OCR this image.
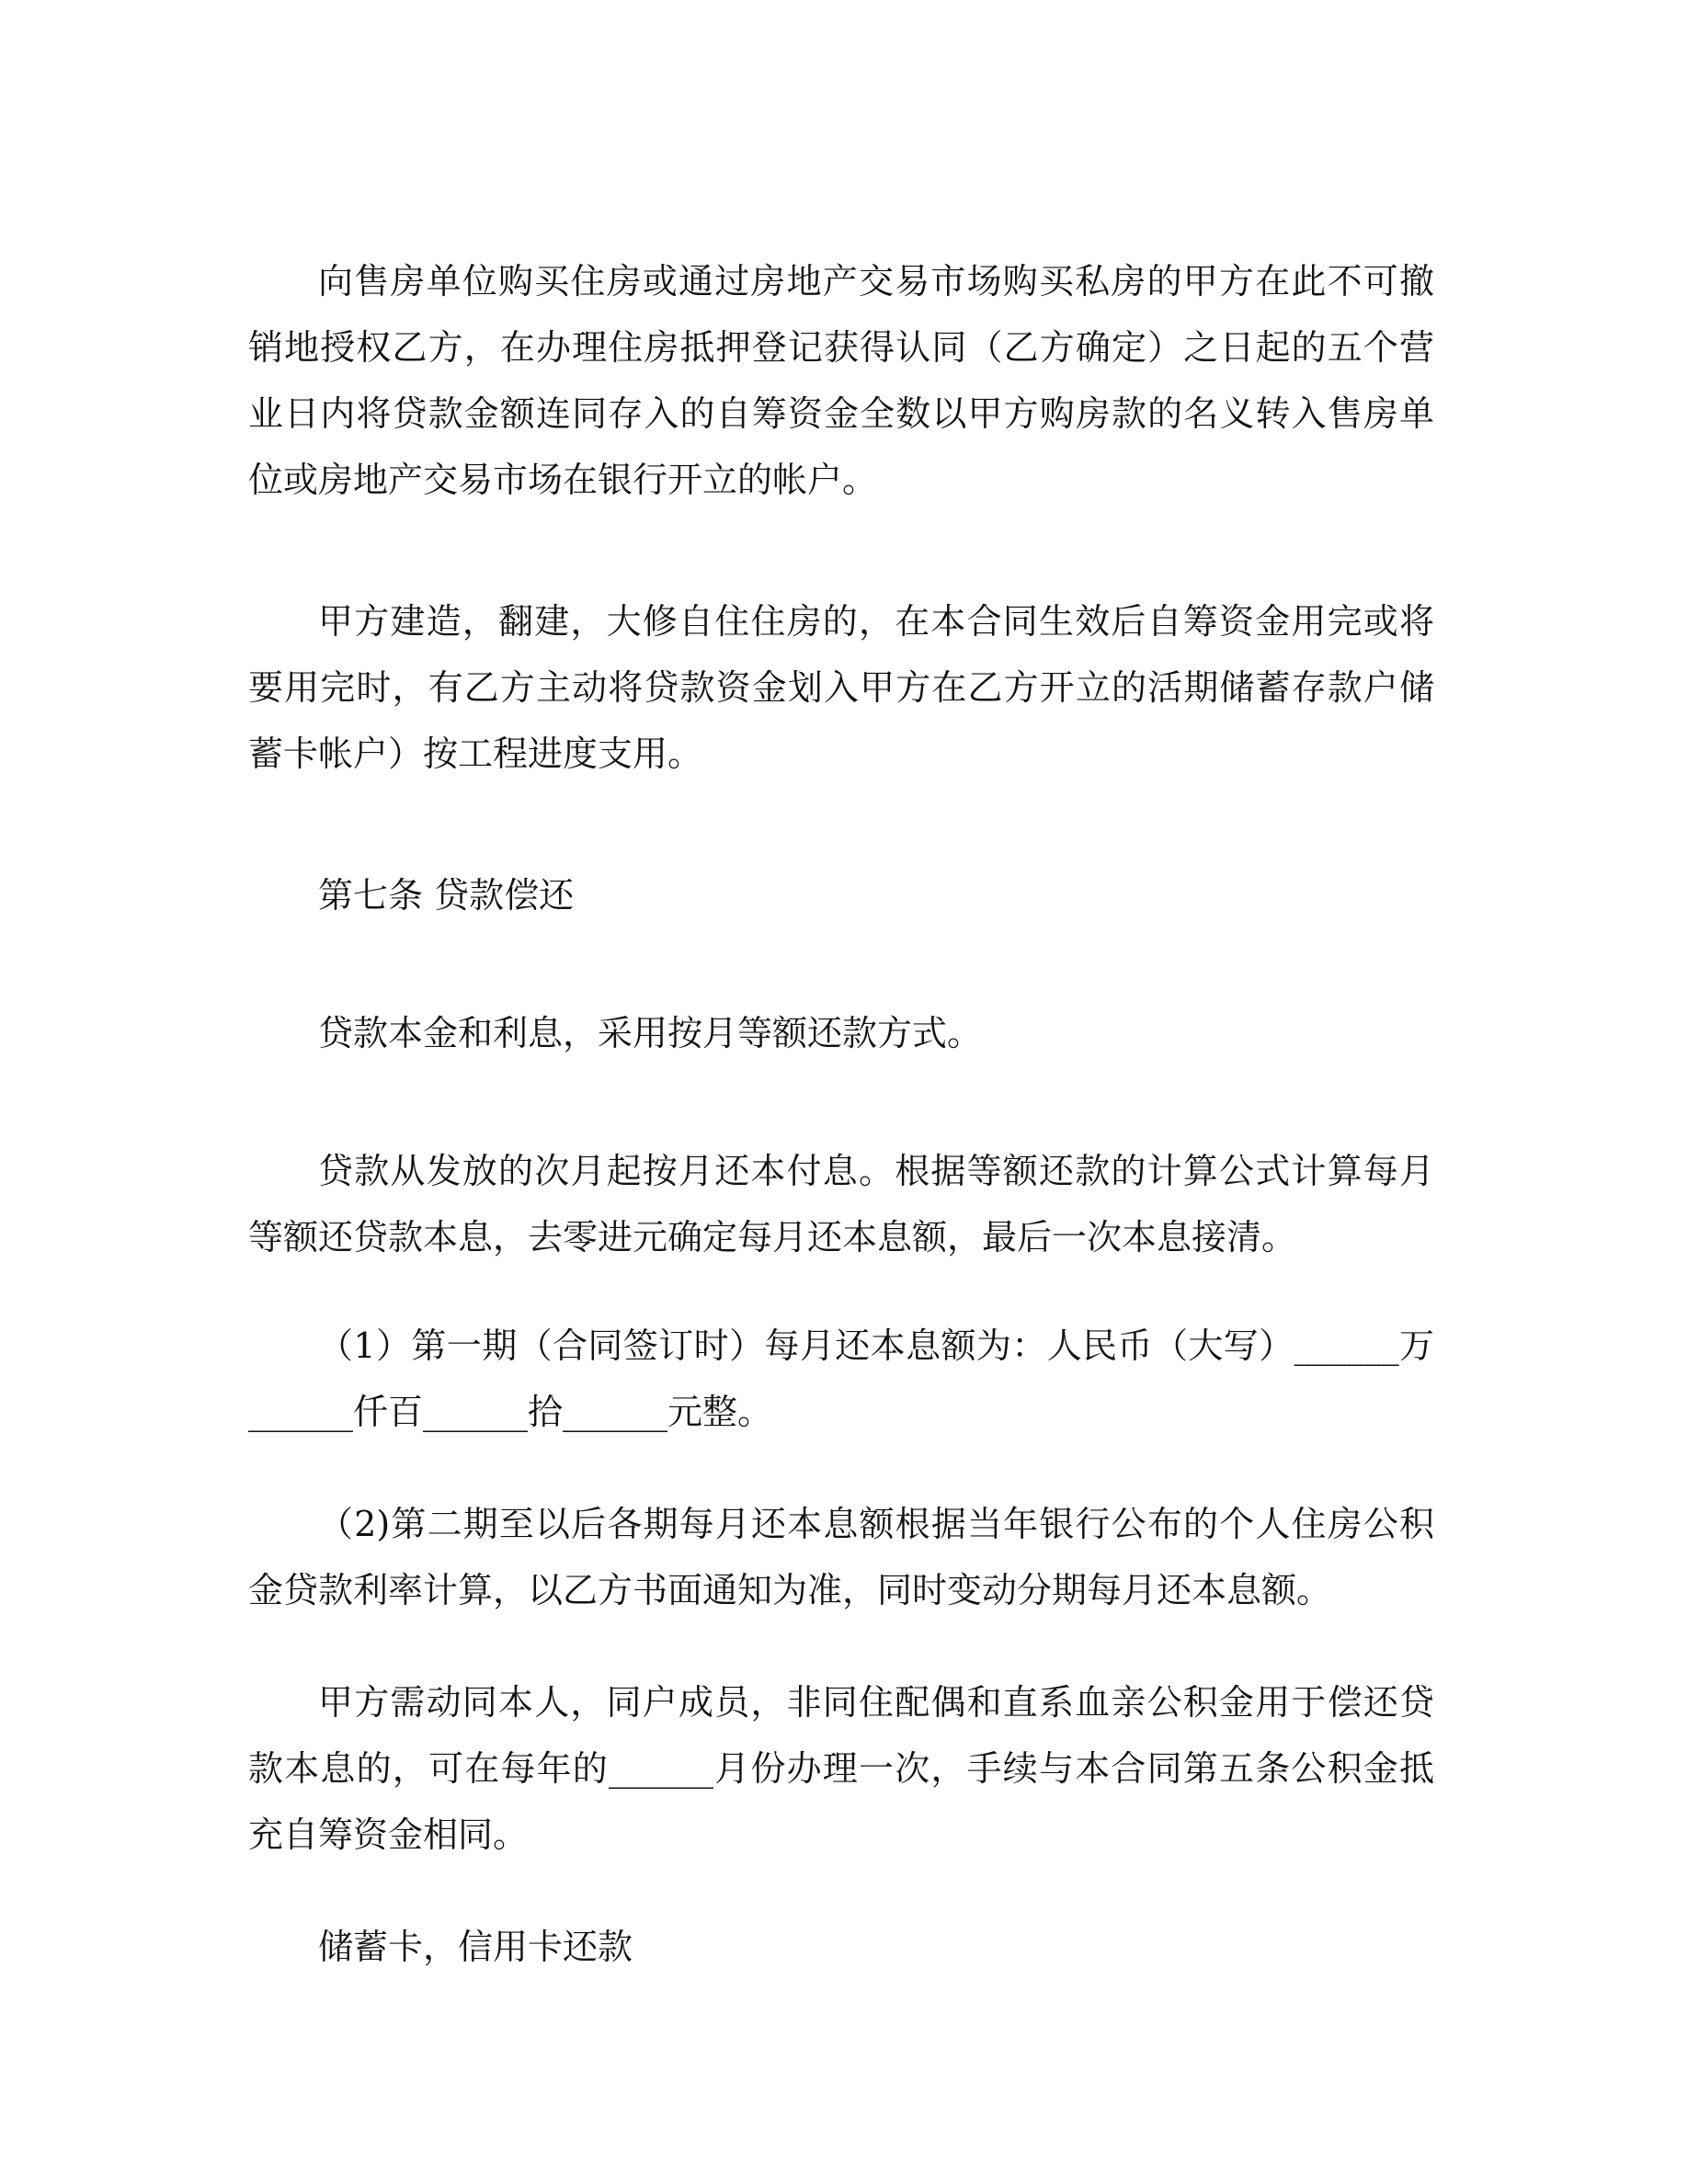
向售房单位购买住房或通过房地产交易市场购买私房的甲方在此不可撤销地授权乙方，在办理住房抵押登记获得认同（乙方确定）之日起的五个营业日内将贷款金额连同存入的自筹资金全数以甲方购房款的名义转入售房单位或房地产交易市场在银行开立的帐户。

甲方建造，翻建，大修自住住房的，在本合同生效后自筹资金用完或将要用完时，有乙方主动将贷款资金划入甲方在乙方开立的活期储蓄存款户储蓄卡帐户）按工程进度支用。

第七条 贷款偿还

贷款本金和利息，采用按月等额还款方式。

贷款从发放的次月起按月还本付息。根据等额还款的计算公式计算每月等额还贷款本息，去零进元确定每月还本息额，最后一次本息接清。

（1）第一期（合同签订时）每月还本息额为：人民币（大写）______万______仟百______拾______元整。

（2)第二期至以后各期每月还本息额根据当年银行公布的个人住房公积金贷款利率计算，以乙方书面通知为准，同时变动分期每月还本息额。

甲方需动同本人，同户成员，非同住配偶和直系血亲公积金用于偿还贷款本息的，可在每年的______月份办理一次，手续与本合同第五条公积金抵充自筹资金相同。

储蓄卡，信用卡还款
